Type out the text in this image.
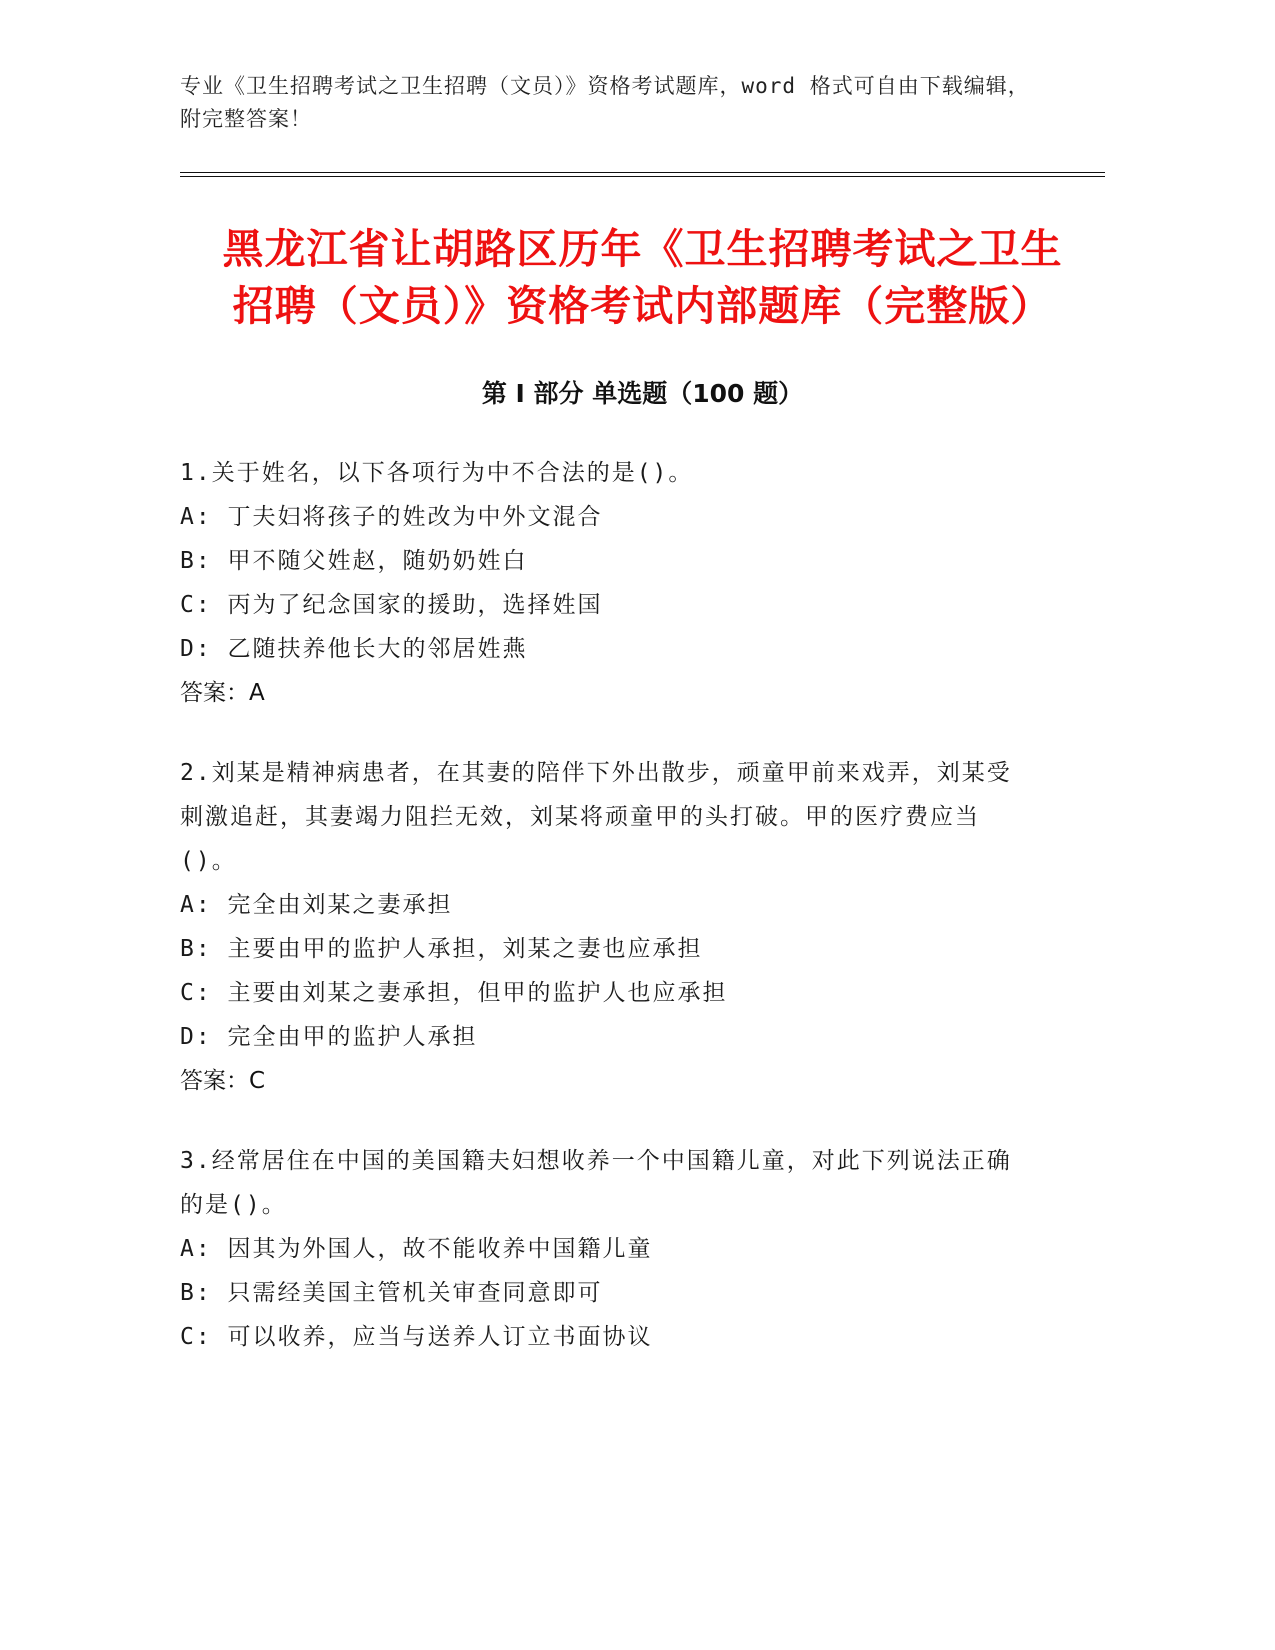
专业《卫生招聘考试之卫生招聘（文员）》资格考试题库，word 格式可自由下载编辑，附完整答案！
黑龙江省让胡路区历年《卫生招聘考试之卫生招聘（文员）》资格考试内部题库（完整版）
第 I 部分 单选题（100 题）
1.关于姓名，以下各项行为中不合法的是()。
A: 丁夫妇将孩子的姓改为中外文混合
B: 甲不随父姓赵，随奶奶姓白
C: 丙为了纪念国家的援助，选择姓国
D: 乙随扶养他长大的邻居姓燕
答案：A
2.刘某是精神病患者，在其妻的陪伴下外出散步，顽童甲前来戏弄，刘某受刺激追赶，其妻竭力阻拦无效，刘某将顽童甲的头打破。甲的医疗费应当()。
A: 完全由刘某之妻承担
B: 主要由甲的监护人承担，刘某之妻也应承担
C: 主要由刘某之妻承担，但甲的监护人也应承担
D: 完全由甲的监护人承担
答案：C
3.经常居住在中国的美国籍夫妇想收养一个中国籍儿童，对此下列说法正确的是()。
A: 因其为外国人，故不能收养中国籍儿童
B: 只需经美国主管机关审查同意即可
C: 可以收养，应当与送养人订立书面协议
